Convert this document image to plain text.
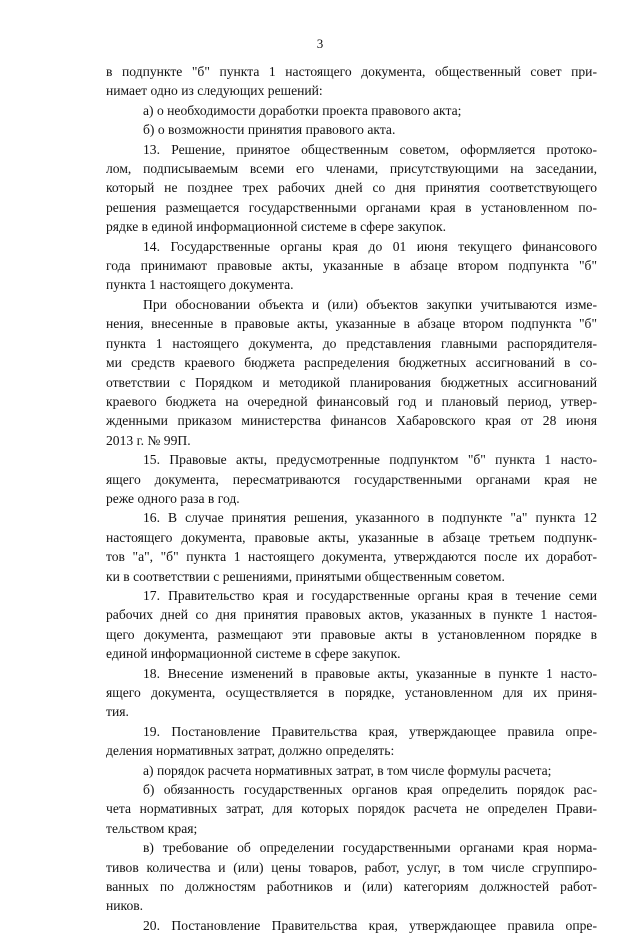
3
в подпункте "б" пункта 1 настоящего документа, общественный совет при-
нимает одно из следующих решений:
а) о необходимости доработки проекта правового акта;
б) о возможности принятия правового акта.
13. Решение, принятое общественным советом, оформляется протоко-
лом, подписываемым всеми его членами, присутствующими на заседании,
который не позднее трех рабочих дней со дня принятия соответствующего
решения размещается государственными органами края в установленном по-
рядке в единой информационной системе в сфере закупок.
14. Государственные органы края до 01 июня текущего финансового
года принимают правовые акты, указанные в абзаце втором подпункта "б"
пункта 1 настоящего документа.
При обосновании объекта и (или) объектов закупки учитываются изме-
нения, внесенные в правовые акты, указанные в абзаце втором подпункта "б"
пункта 1 настоящего документа, до представления главными распорядителя-
ми средств краевого бюджета распределения бюджетных ассигнований в со-
ответствии с Порядком и методикой планирования бюджетных ассигнований
краевого бюджета на очередной финансовый год и плановый период, утвер-
жденными приказом министерства финансов Хабаровского края от 28 июня
2013 г. № 99П.
15. Правовые акты, предусмотренные подпунктом "б" пункта 1 насто-
ящего документа, пересматриваются государственными органами края не
реже одного раза в год.
16. В случае принятия решения, указанного в подпункте "а" пункта 12
настоящего документа, правовые акты, указанные в абзаце третьем подпунк-
тов "а", "б" пункта 1 настоящего документа, утверждаются после их доработ-
ки в соответствии с решениями, принятыми общественным советом.
17. Правительство края и государственные органы края в течение семи
рабочих дней со дня принятия правовых актов, указанных в пункте 1 настоя-
щего документа, размещают эти правовые акты в установленном порядке в
единой информационной системе в сфере закупок.
18. Внесение изменений в правовые акты, указанные в пункте 1 насто-
ящего документа, осуществляется в порядке, установленном для их приня-
тия.
19. Постановление Правительства края, утверждающее правила опре-
деления нормативных затрат, должно определять:
а) порядок расчета нормативных затрат, в том числе формулы расчета;
б) обязанность государственных органов края определить порядок рас-
чета нормативных затрат, для которых порядок расчета не определен Прави-
тельством края;
в) требование об определении государственными органами края норма-
тивов количества и (или) цены товаров, работ, услуг, в том числе сгруппиро-
ванных по должностям работников и (или) категориям должностей работ-
ников.
20. Постановление Правительства края, утверждающее правила опре-
